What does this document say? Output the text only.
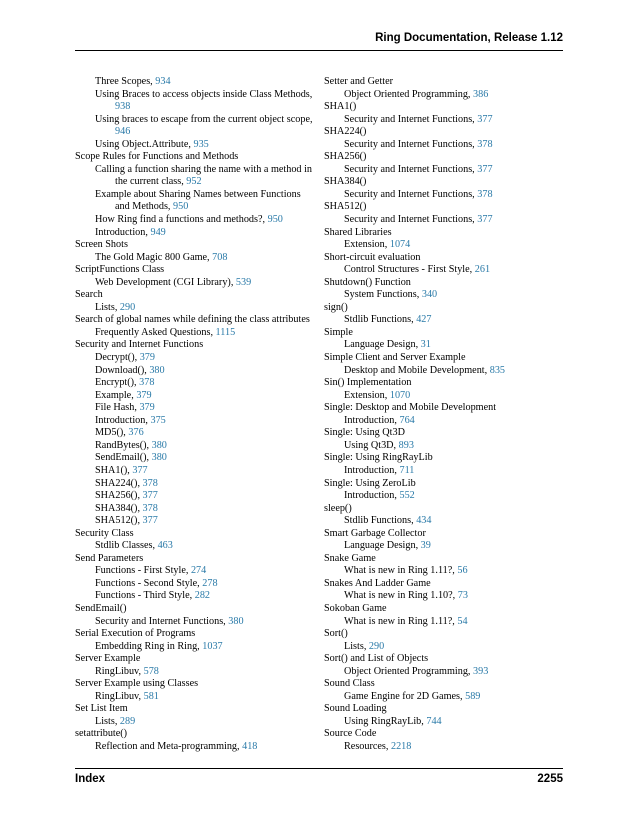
Ring Documentation, Release 1.12
Three Scopes, 934
Using Braces to access objects inside Class Methods, 938
Using braces to escape from the current object scope, 946
Using Object.Attribute, 935
Scope Rules for Functions and Methods
Calling a function sharing the name with a method in the current class, 952
Example about Sharing Names between Functions and Methods, 950
How Ring find a functions and methods?, 950
Introduction, 949
Screen Shots
The Gold Magic 800 Game, 708
ScriptFunctions Class
Web Development (CGI Library), 539
Search
Lists, 290
Search of global names while defining the class attributes
Frequently Asked Questions, 1115
Security and Internet Functions
Decrypt(), 379
Download(), 380
Encrypt(), 378
Example, 379
File Hash, 379
Introduction, 375
MD5(), 376
RandBytes(), 380
SendEmail(), 380
SHA1(), 377
SHA224(), 378
SHA256(), 377
SHA384(), 378
SHA512(), 377
Security Class
Stdlib Classes, 463
Send Parameters
Functions - First Style, 274
Functions - Second Style, 278
Functions - Third Style, 282
SendEmail()
Security and Internet Functions, 380
Serial Execution of Programs
Embedding Ring in Ring, 1037
Server Example
RingLibuv, 578
Server Example using Classes
RingLibuv, 581
Set List Item
Lists, 289
setattribute()
Reflection and Meta-programming, 418
Setter and Getter
Object Oriented Programming, 386
SHA1()
Security and Internet Functions, 377
SHA224()
Security and Internet Functions, 378
SHA256()
Security and Internet Functions, 377
SHA384()
Security and Internet Functions, 378
SHA512()
Security and Internet Functions, 377
Shared Libraries
Extension, 1074
Short-circuit evaluation
Control Structures - First Style, 261
Shutdown() Function
System Functions, 340
sign()
Stdlib Functions, 427
Simple
Language Design, 31
Simple Client and Server Example
Desktop and Mobile Development, 835
Sin() Implementation
Extension, 1070
Single: Desktop and Mobile Development
Introduction, 764
Single: Using Qt3D
Using Qt3D, 893
Single: Using RingRayLib
Introduction, 711
Single: Using ZeroLib
Introduction, 552
sleep()
Stdlib Functions, 434
Smart Garbage Collector
Language Design, 39
Snake Game
What is new in Ring 1.11?, 56
Snakes And Ladder Game
What is new in Ring 1.10?, 73
Sokoban Game
What is new in Ring 1.11?, 54
Sort()
Lists, 290
Sort() and List of Objects
Object Oriented Programming, 393
Sound Class
Game Engine for 2D Games, 589
Sound Loading
Using RingRayLib, 744
Source Code
Resources, 2218
Index	2255
